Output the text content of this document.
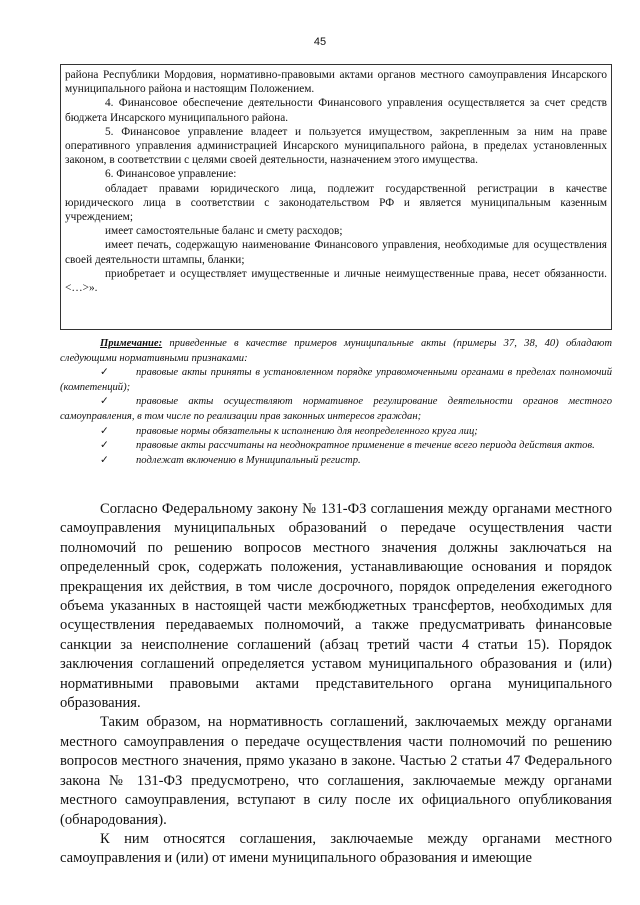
45

района Республики Мордовия, нормативно-правовыми актами органов местного самоуправления Инсарского муниципального района и настоящим Положением.

4. Финансовое обеспечение деятельности Финансового управления осуществляется за счет средств бюджета Инсарского муниципального района.

5. Финансовое управление владеет и пользуется имуществом, закрепленным за ним на праве оперативного управления администрацией Инсарского муниципального района, в пределах установленных законом, в соответствии с целями своей деятельности, назначением этого имущества.

6. Финансовое управление:

обладает правами юридического лица, подлежит государственной регистрации в качестве юридического лица в соответствии с законодательством РФ и является муниципальным казенным учреждением;

имеет самостоятельные баланс и смету расходов;

имеет печать, содержащую наименование Финансового управления, необходимые для осуществления своей деятельности штампы, бланки;

приобретает и осуществляет имущественные и личные неимущественные права, несет обязанности.<…>».

Примечание: приведенные в качестве примеров муниципальные акты (примеры 37, 38, 40) обладают следующими нормативными признаками:

✓	правовые акты приняты в установленном порядке управомоченными органами в пределах полномочий (компетенций);

✓	правовые акты осуществляют нормативное регулирование деятельности органов местного самоуправления, в том числе по реализации прав законных интересов граждан;

✓	правовые нормы обязательны к исполнению для неопределенного круга лиц;

✓	правовые акты рассчитаны на неоднократное применение в течение всего периода действия актов.

✓	подлежат включению в Муниципальный регистр.

Согласно Федеральному закону № 131-ФЗ соглашения между органами местного самоуправления муниципальных образований о передаче осуществления части полномочий по решению вопросов местного значения должны заключаться на определенный срок, содержать положения, устанавливающие основания и порядок прекращения их действия, в том числе досрочного, порядок определения ежегодного объема указанных в настоящей части межбюджетных трансфертов, необходимых для осуществления передаваемых полномочий, а также предусматривать финансовые санкции за неисполнение соглашений (абзац третий части 4 статьи 15). Порядок заключения соглашений определяется уставом муниципального образования и (или) нормативными правовыми актами представительного органа муниципального образования.

Таким образом, на нормативность соглашений, заключаемых между органами местного самоуправления о передаче осуществления части полномочий по решению вопросов местного значения, прямо указано в законе. Частью 2 статьи 47 Федерального закона № 131-ФЗ предусмотрено, что соглашения, заключаемые между органами местного самоуправления, вступают в силу после их официального опубликования (обнародования).

К ним относятся соглашения, заключаемые между органами местного самоуправления и (или) от имени муниципального образования и имеющие
